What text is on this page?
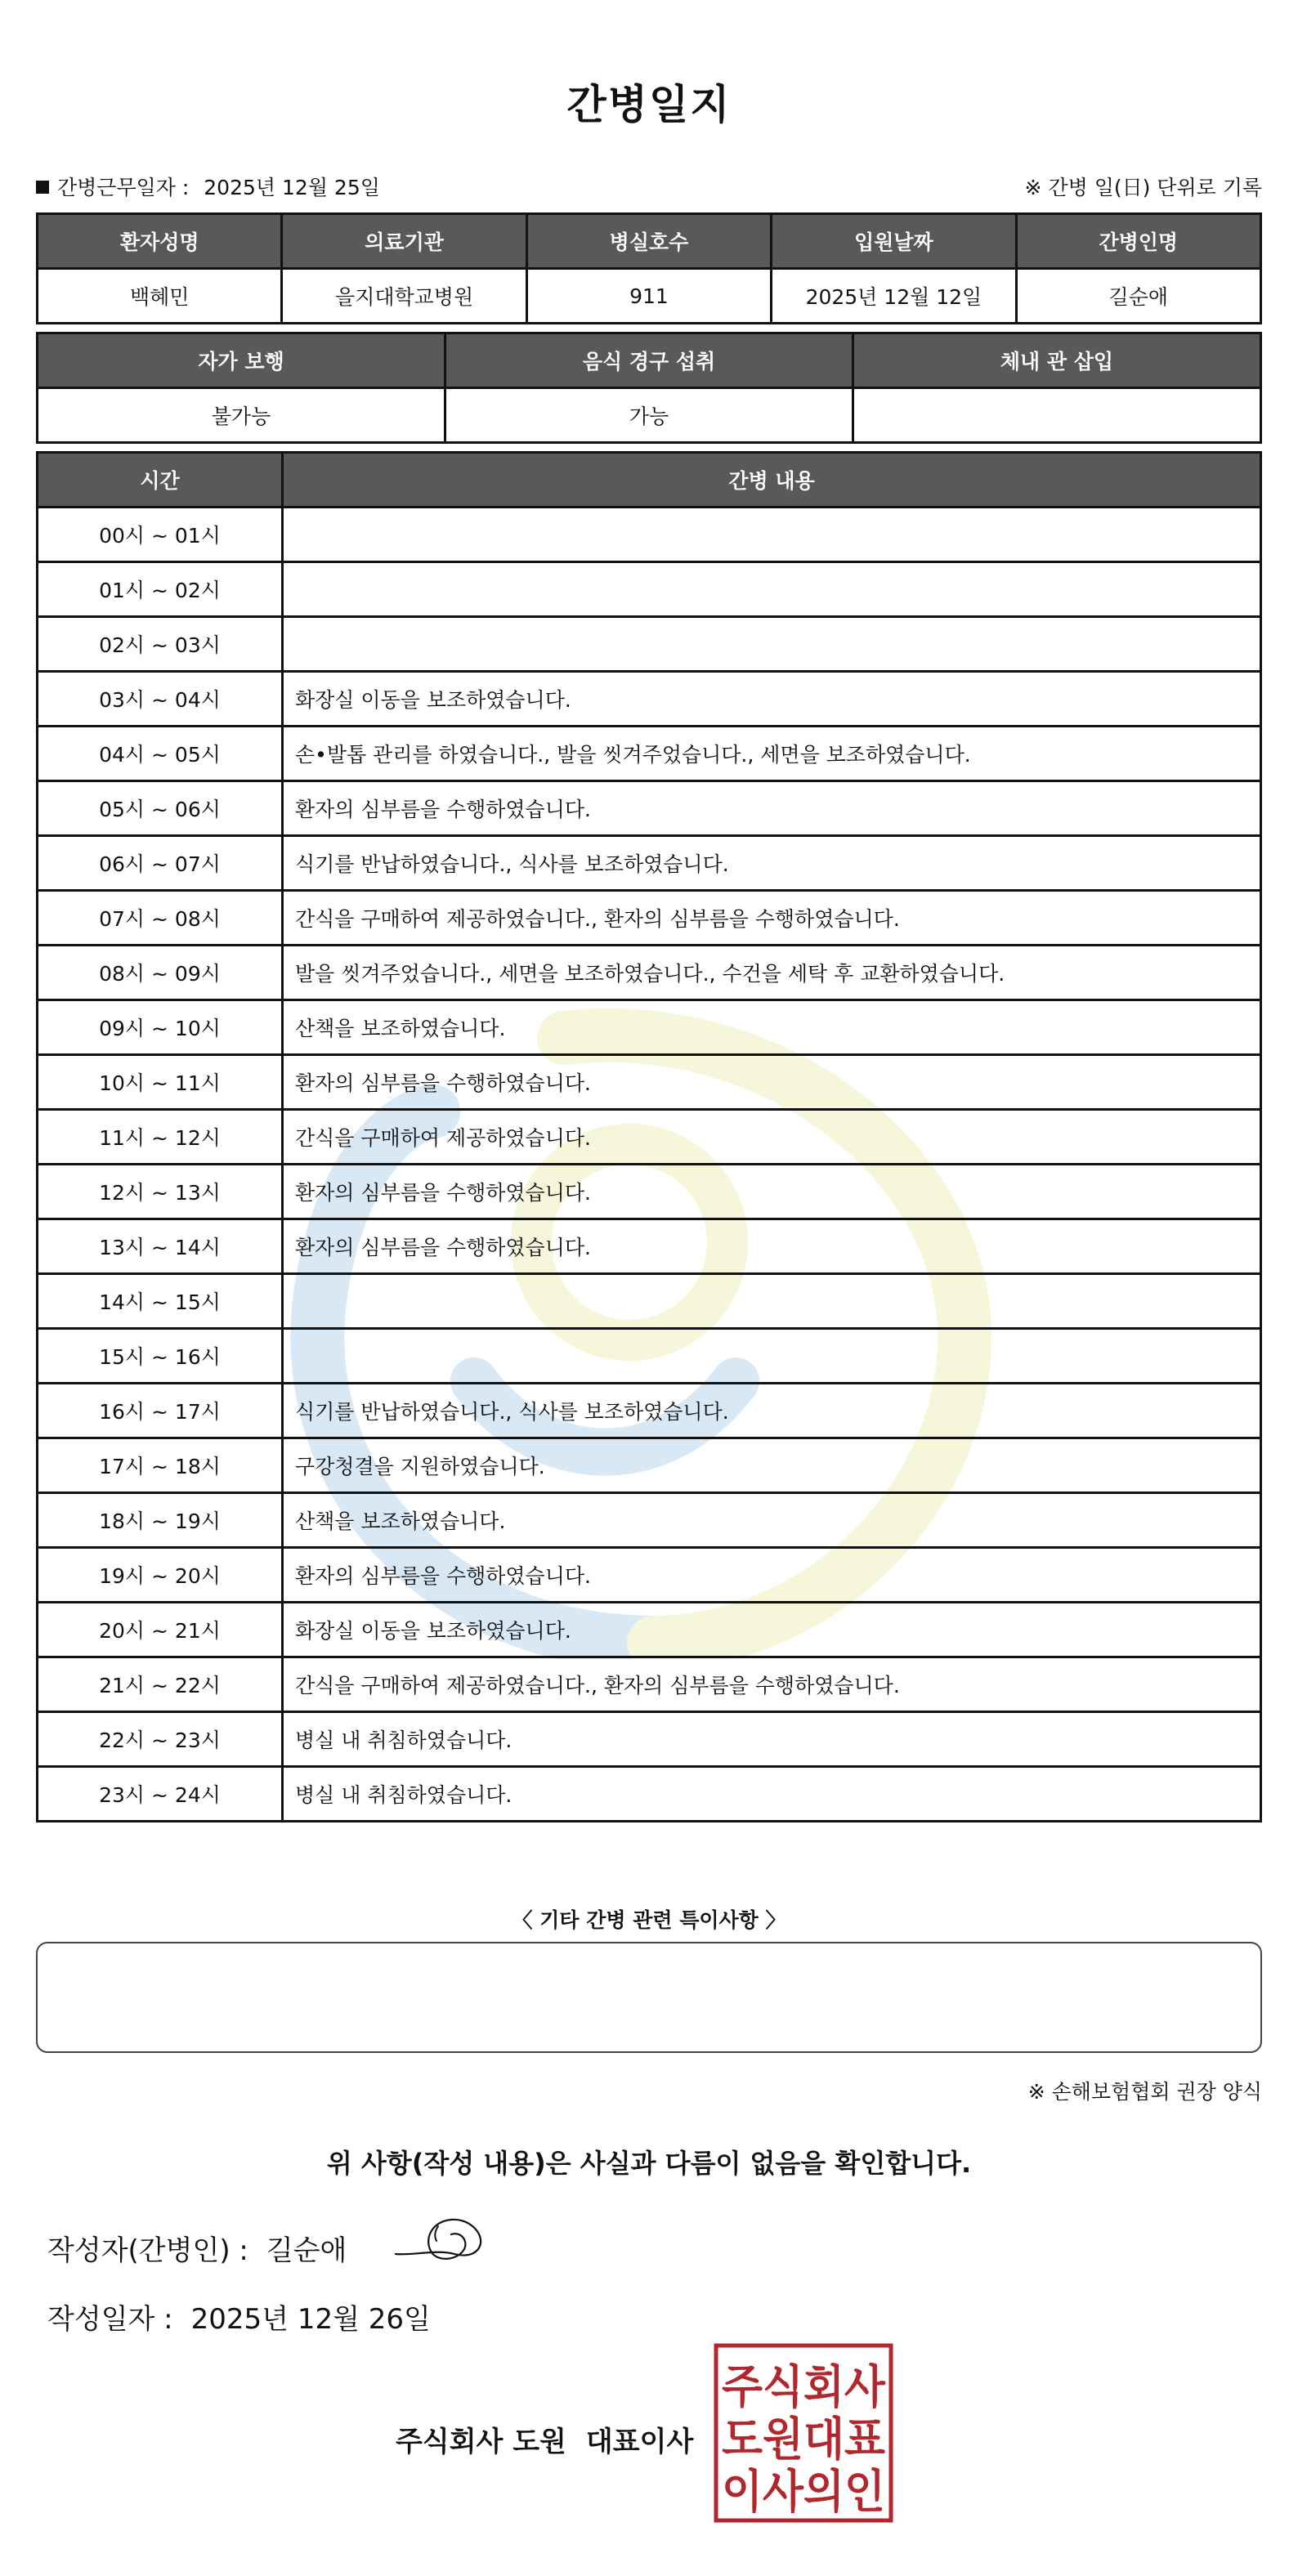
간병일지
간병근무일자 : 2025년 12월 25일	※ 간병 일(日) 단위로 기록
환자성명	의료기관	병실호수	입원날짜	간병인명
백혜민	을지대학교병원	911	2025년 12월 12일	길순애
자가 보행	음식 경구 섭취	체내 관 삽입
불가능	가능	
시간	간병 내용
00시 ~ 01시	
01시 ~ 02시	
02시 ~ 03시	
03시 ~ 04시	화장실 이동을 보조하였습니다.
04시 ~ 05시	손•발톱 관리를 하였습니다., 발을 씻겨주었습니다., 세면을 보조하였습니다.
05시 ~ 06시	환자의 심부름을 수행하였습니다.
06시 ~ 07시	식기를 반납하였습니다., 식사를 보조하였습니다.
07시 ~ 08시	간식을 구매하여 제공하였습니다., 환자의 심부름을 수행하였습니다.
08시 ~ 09시	발을 씻겨주었습니다., 세면을 보조하였습니다., 수건을 세탁 후 교환하였습니다.
09시 ~ 10시	산책을 보조하였습니다.
10시 ~ 11시	환자의 심부름을 수행하였습니다.
11시 ~ 12시	간식을 구매하여 제공하였습니다.
12시 ~ 13시	환자의 심부름을 수행하였습니다.
13시 ~ 14시	환자의 심부름을 수행하였습니다.
14시 ~ 15시	
15시 ~ 16시	
16시 ~ 17시	식기를 반납하였습니다., 식사를 보조하였습니다.
17시 ~ 18시	구강청결을 지원하였습니다.
18시 ~ 19시	산책을 보조하였습니다.
19시 ~ 20시	환자의 심부름을 수행하였습니다.
20시 ~ 21시	화장실 이동을 보조하였습니다.
21시 ~ 22시	간식을 구매하여 제공하였습니다., 환자의 심부름을 수행하였습니다.
22시 ~ 23시	병실 내 취침하였습니다.
23시 ~ 24시	병실 내 취침하였습니다.
〈 기타 간병 관련 특이사항 〉
※ 손해보험협회 권장 양식
위 사항(작성 내용)은 사실과 다름이 없음을 확인합니다.
작성자(간병인) : 길순애
작성일자 : 2025년 12월 26일
주식회사 도원 대표이사
주식회사
도원대표
이사의인
